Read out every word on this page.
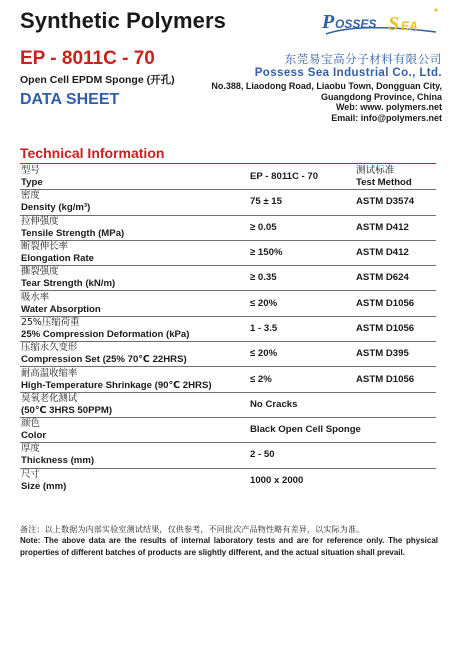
Synthetic Polymers	P OSSES S EA
EP - 8011C - 70
Open Cell EPDM Sponge (开孔)
DATA SHEET
东莞易宝高分子材料有限公司
Possess Sea Industrial Co., Ltd.
No.388, Liaodong Road, Liaobu Town, Dongguan City,
Guangdong Province, China
Web: www. polymers.net
Email: info@polymers.net
Technical Information
型号
Type	EP - 8011C - 70	测试标准
Test Method

密度
Density (kg/m³)	75 ± 15	ASTM D3574

拉伸强度
Tensile Strength (MPa)	≥ 0.05	ASTM D412

断裂伸长率
Elongation Rate	≥ 150%	ASTM D412

撕裂强度
Tear Strength (kN/m)	≥ 0.35	ASTM D624

吸水率
Water Absorption	≤ 20%	ASTM D1056

25%压缩荷重
25% Compression Deformation (kPa)	1 - 3.5	ASTM D1056

压缩永久变形
Compression Set (25% 70℃ 22HRS)	≤ 20%	ASTM D395

耐高温收缩率
High-Temperature Shrinkage (90℃ 2HRS)	≤ 2%	ASTM D1056

臭氧老化测试
(50℃ 3HRS 50PPM)	No Cracks	

颜色
Color	Black Open Cell Sponge	

厚度
Thickness (mm)	2 - 50	

尺寸
Size (mm)	1000 x 2000	
备注：以上数据为内部实验室测试结果，仅供参考，不同批次产品物性略有差异，以实际为准。
Note: The above data are the results of internal laboratory tests and are for reference only. The physical properties of different batches of products are slightly different, and the actual situation shall prevail.
